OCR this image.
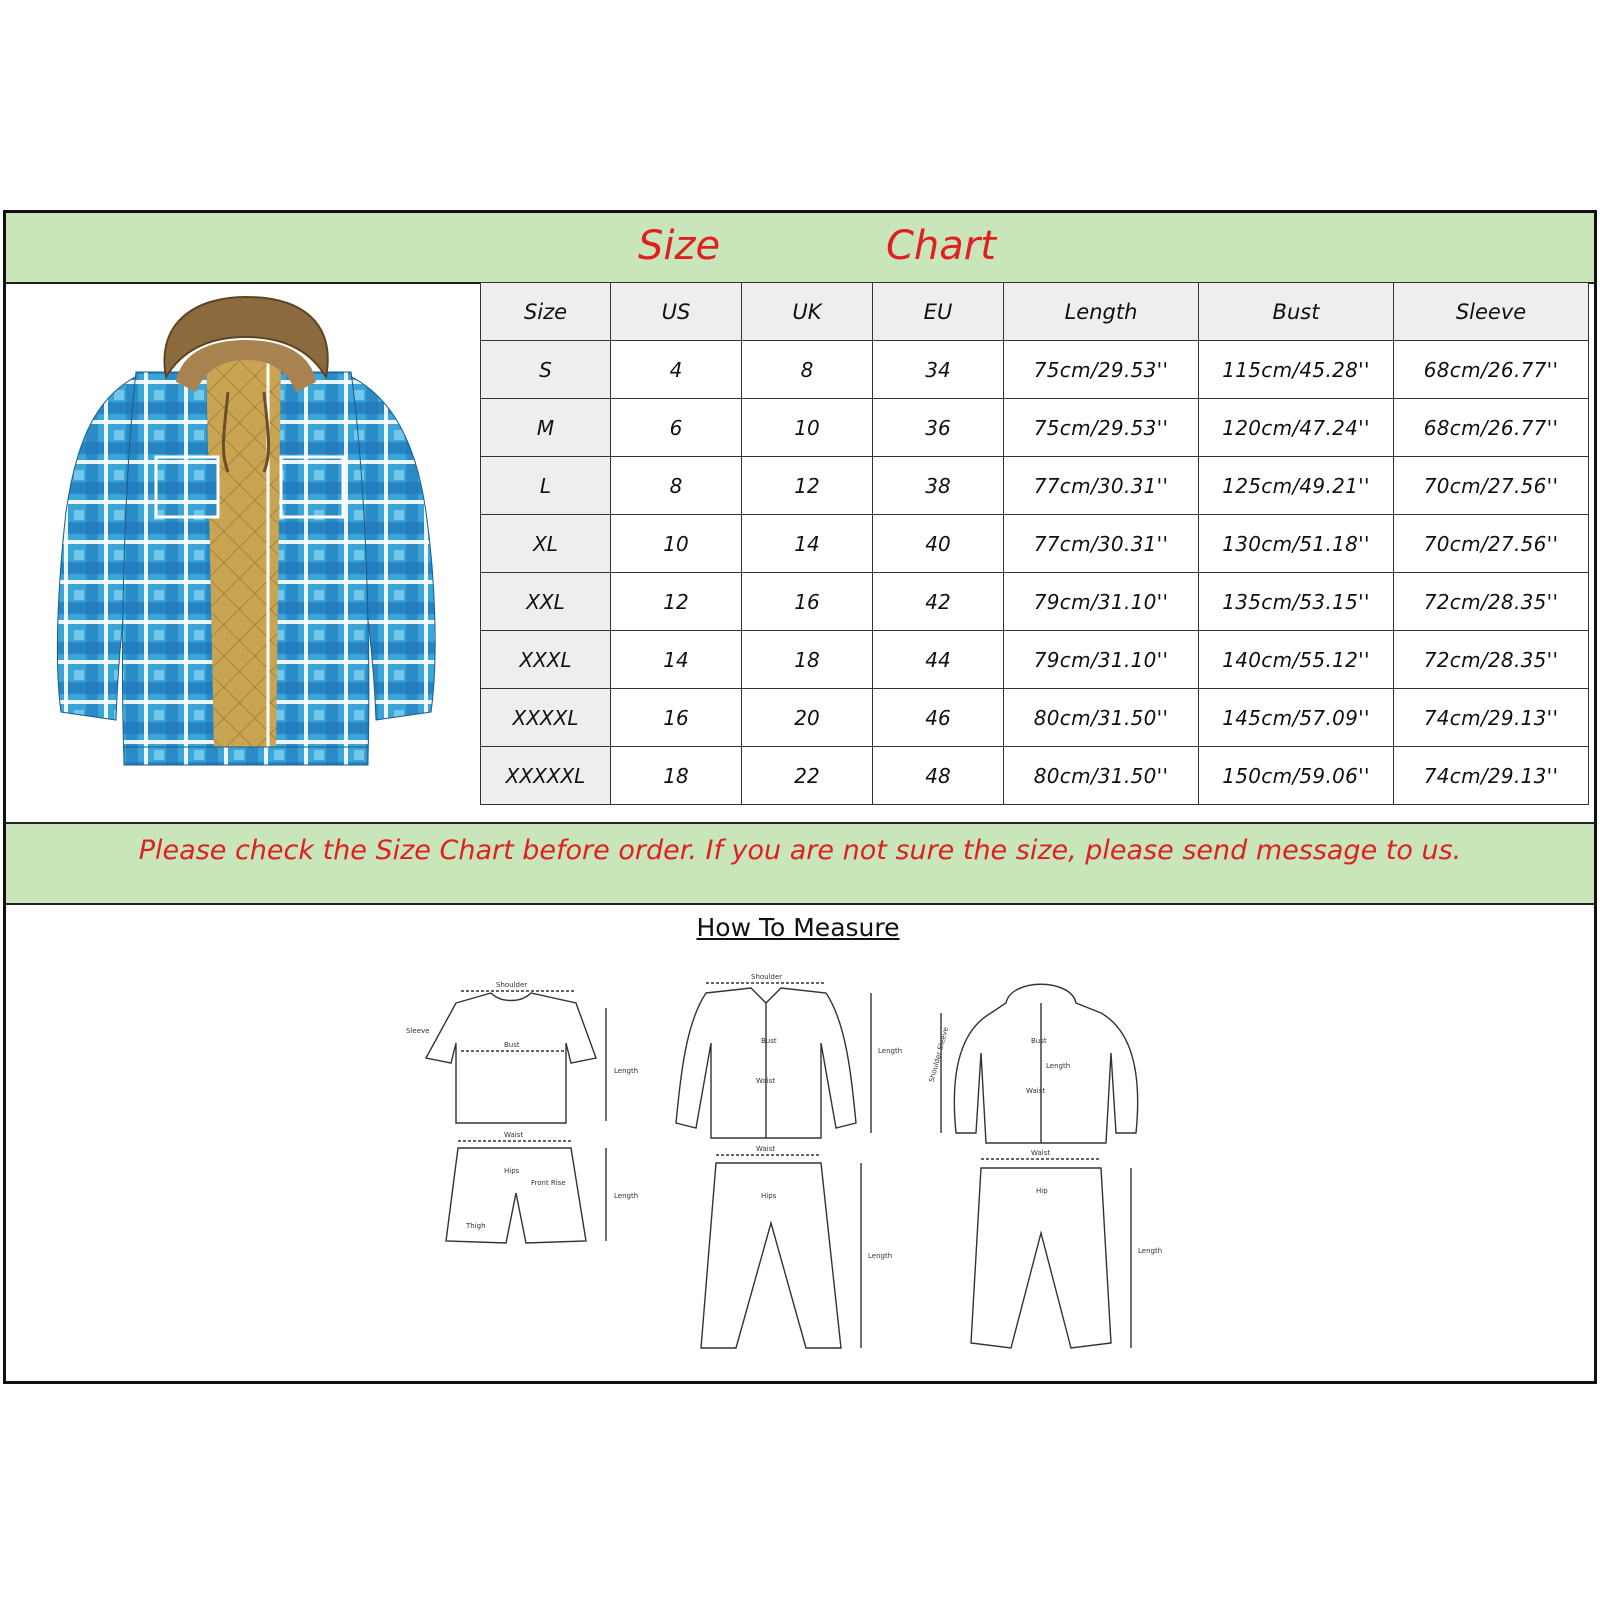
Size	Chart
Size	US	UK	EU	Length	Bust	Sleeve
S	4	8	34	75cm/29.53''	115cm/45.28''	68cm/26.77''
M	6	10	36	75cm/29.53''	120cm/47.24''	68cm/26.77''
L	8	12	38	77cm/30.31''	125cm/49.21''	70cm/27.56''
XL	10	14	40	77cm/30.31''	130cm/51.18''	70cm/27.56''
XXL	12	16	42	79cm/31.10''	135cm/53.15''	72cm/28.35''
XXXL	14	18	44	79cm/31.10''	140cm/55.12''	72cm/28.35''
XXXXL	16	20	46	80cm/31.50''	145cm/57.09''	74cm/29.13''
XXXXXL	18	22	48	80cm/31.50''	150cm/59.06''	74cm/29.13''
Please check the Size Chart before order. If you are not sure the size, please send message to us.
How To Measure
Shoulder
Bust
Length
Sleeve
Waist
Hips
Front Rise
Thigh
Length
Shoulder
Bust
Waist
Length
Waist
Hips
Length
Bust
Waist
Length
Shoulder Sleeve
Waist
Hip
Length
